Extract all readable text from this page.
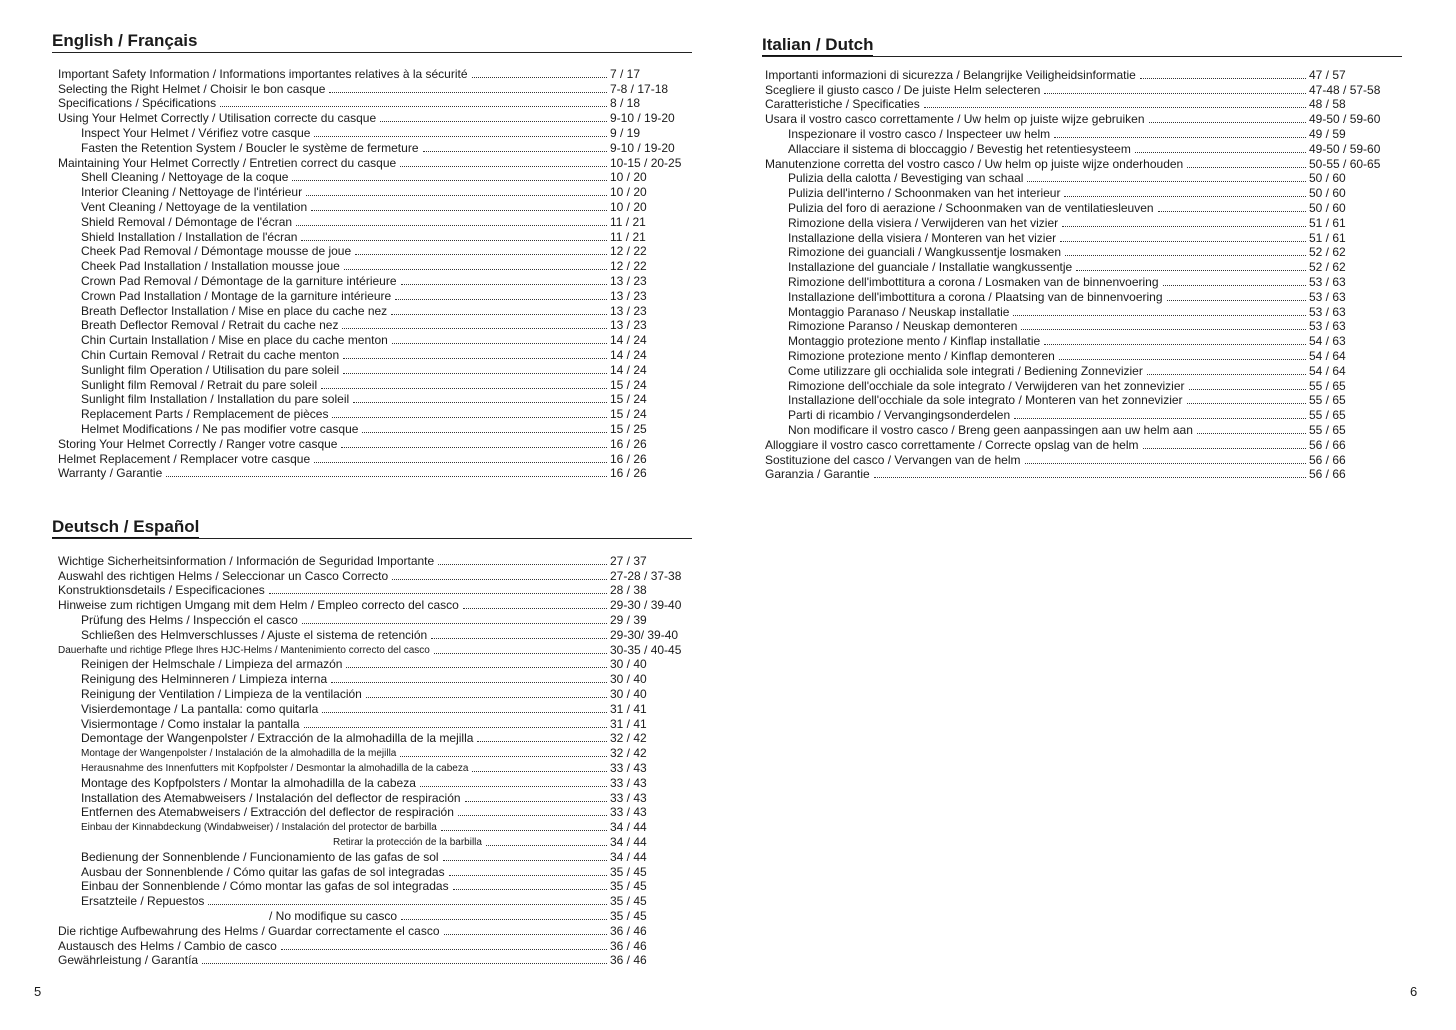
English / Français
Important Safety Information / Informations importantes relatives à la sécurité	7 / 17
Selecting the Right Helmet / Choisir le bon casque	7-8 / 17-18
Specifications / Spécifications	8 / 18
Using Your Helmet Correctly / Utilisation correcte du casque	9-10 / 19-20
Inspect Your Helmet / Vérifiez votre casque	9 / 19
Fasten the Retention System / Boucler le système de fermeture	9-10 / 19-20
Maintaining Your Helmet Correctly / Entretien correct du casque	10-15 / 20-25
Shell Cleaning / Nettoyage de la coque	10 / 20
Interior Cleaning / Nettoyage de l'intérieur	10 / 20
Vent Cleaning / Nettoyage de la ventilation	10 / 20
Shield Removal / Démontage de l'écran	11 / 21
Shield Installation / Installation de l'écran	11 / 21
Cheek Pad Removal / Démontage mousse de joue	12 / 22
Cheek Pad Installation / Installation mousse joue	12 / 22
Crown Pad Removal / Démontage de la garniture intérieure	13 / 23
Crown Pad Installation / Montage de la garniture intérieure	13 / 23
Breath Deflector Installation / Mise en place du cache nez	13 / 23
Breath Deflector Removal / Retrait du cache nez	13 / 23
Chin Curtain Installation / Mise en place du cache menton	14 / 24
Chin Curtain Removal / Retrait du cache menton	14 / 24
Sunlight film Operation / Utilisation du pare soleil	14 / 24
Sunlight film Removal / Retrait du pare soleil	15 / 24
Sunlight film Installation / Installation du pare soleil	15 / 24
Replacement Parts / Remplacement de pièces	15 / 24
Helmet Modifications / Ne pas modifier votre casque	15 / 25
Storing Your Helmet Correctly / Ranger votre casque	16 / 26
Helmet Replacement / Remplacer votre casque	16 / 26
Warranty / Garantie	16 / 26
Deutsch / Español
Wichtige Sicherheitsinformation / Información de Seguridad Importante	27 / 37
Auswahl des richtigen Helms / Seleccionar un Casco Correcto	27-28 / 37-38
Konstruktionsdetails / Especificaciones	28 / 38
Hinweise zum richtigen Umgang mit dem Helm / Empleo correcto del casco	29-30 / 39-40
Prüfung des Helms / Inspección el casco	29 / 39
Schließen des Helmverschlusses / Ajuste el sistema de retención	29-30/ 39-40
Dauerhafte und richtige Pflege Ihres HJC-Helms / Mantenimiento correcto del casco	30-35 / 40-45
Reinigen der Helmschale / Limpieza del armazón	30 / 40
Reinigung des Helminneren / Limpieza interna	30 / 40
Reinigung der Ventilation / Limpieza de la ventilación	30 / 40
Visierdemontage / La pantalla: como quitarla	31 / 41
Visiermontage / Como instalar la pantalla	31 / 41
Demontage der Wangenpolster / Extracción de la almohadilla de la mejilla	32 / 42
Montage der Wangenpolster / Instalación de la almohadilla de la mejilla	32 / 42
Herausnahme des Innenfutters mit Kopfpolster / Desmontar la almohadilla de la cabeza	33 / 43
Montage des Kopfpolsters / Montar la almohadilla de la cabeza	33 / 43
Installation des Atemabweisers / Instalación del deflector de respiración	33 / 43
Entfernen des Atemabweisers / Extracción del deflector de respiración	33 / 43
Einbau der Kinnabdeckung (Windabweiser) / Instalación del protector de barbilla	34 / 44
Retirar la protección de la barbilla	34 / 44
Bedienung der Sonnenblende / Funcionamiento de las gafas de sol	34 / 44
Ausbau der Sonnenblende / Cómo quitar las gafas de sol integradas	35 / 45
Einbau der Sonnenblende / Cómo montar las gafas de sol integradas	35 / 45
Ersatzteile / Repuestos	35 / 45
/ No modifique su casco	35 / 45
Die richtige Aufbewahrung des Helms / Guardar correctamente el casco	36 / 46
Austausch des Helms / Cambio de casco	36 / 46
Gewährleistung / Garantía	36 / 46
Italian / Dutch
Importanti informazioni di sicurezza / Belangrijke Veiligheidsinformatie	47 / 57
Scegliere il giusto casco / De juiste Helm selecteren	47-48 / 57-58
Caratteristiche / Specificaties	48 / 58
Usara il vostro casco correttamente / Uw helm op juiste wijze gebruiken	49-50 / 59-60
Inspezionare il vostro casco / Inspecteer uw helm	49 / 59
Allacciare il sistema di bloccaggio / Bevestig het retentiesysteem	49-50 / 59-60
Manutenzione corretta del vostro casco / Uw helm op juiste wijze onderhouden	50-55 / 60-65
Pulizia della calotta / Bevestiging van schaal	50 / 60
Pulizia dell'interno / Schoonmaken van het interieur	50 / 60
Pulizia del foro di aerazione / Schoonmaken van de ventilatiesleuven	50 / 60
Rimozione della visiera / Verwijderen van het vizier	51 / 61
Installazione della visiera / Monteren van het vizier	51 / 61
Rimozione dei guanciali / Wangkussentje losmaken	52 / 62
Installazione del guanciale / Installatie wangkussentje	52 / 62
Rimozione dell'imbottitura a corona / Losmaken van de binnenvoering	53 / 63
Installazione dell'imbottitura a corona / Plaatsing van de binnenvoering	53 / 63
Montaggio Paranaso / Neuskap installatie	53 / 63
Rimozione Paranso / Neuskap demonteren	53 / 63
Montaggio protezione mento / Kinflap installatie	54 / 63
Rimozione protezione mento / Kinflap demonteren	54 / 64
Come utilizzare gli occhialida sole integrati / Bediening Zonnevizier	54 / 64
Rimozione dell'occhiale da sole integrato / Verwijderen van het zonnevizier	55 / 65
Installazione dell'occhiale da sole integrato / Monteren van het zonnevizier	55 / 65
Parti di ricambio / Vervangingsonderdelen	55 / 65
Non modificare il vostro casco / Breng geen aanpassingen aan uw helm aan	55 / 65
Alloggiare il vostro casco correttamente / Correcte opslag van de helm	56 / 66
Sostituzione del casco / Vervangen van de helm	56 / 66
Garanzia / Garantie	56 / 66
5	6
